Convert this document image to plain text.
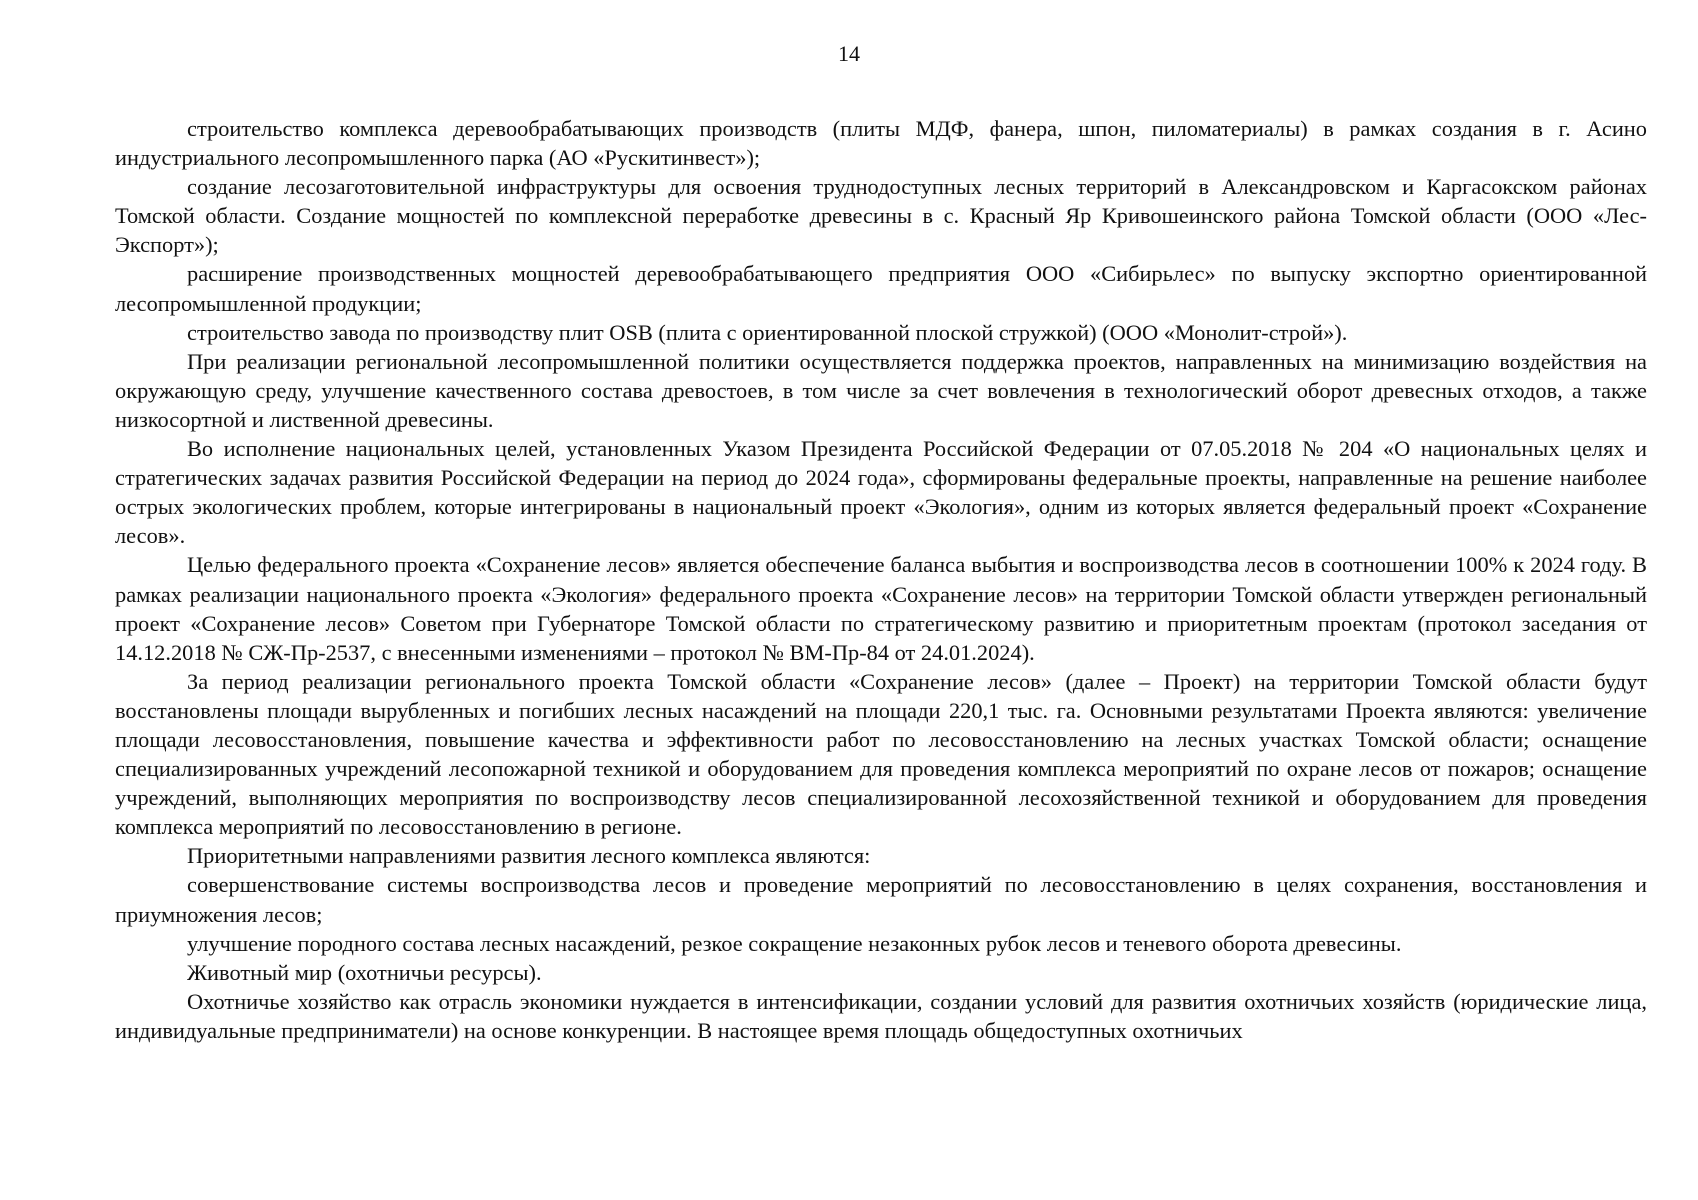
14

строительство комплекса деревообрабатывающих производств (плиты МДФ, фанера, шпон, пиломатериалы) в рамках создания в г. Асино индустриального лесопромышленного парка (АО «Рускитинвест»);

создание лесозаготовительной инфраструктуры для освоения труднодоступных лесных территорий в Александровском и Каргасокском районах Томской области. Создание мощностей по комплексной переработке древесины в с. Красный Яр Кривошеинского района Томской области (ООО «Лес-Экспорт»);

расширение производственных мощностей деревообрабатывающего предприятия ООО «Сибирьлес» по выпуску экспортно ориентированной лесопромышленной продукции;

строительство завода по производству плит OSB (плита с ориентированной плоской стружкой) (ООО «Монолит-строй»).

При реализации региональной лесопромышленной политики осуществляется поддержка проектов, направленных на минимизацию воздействия на окружающую среду, улучшение качественного состава древостоев, в том числе за счет вовлечения в технологический оборот древесных отходов, а также низкосортной и лиственной древесины.

Во исполнение национальных целей, установленных Указом Президента Российской Федерации от 07.05.2018 № 204 «О национальных целях и стратегических задачах развития Российской Федерации на период до 2024 года», сформированы федеральные проекты, направленные на решение наиболее острых экологических проблем, которые интегрированы в национальный проект «Экология», одним из которых является федеральный проект «Сохранение лесов».

Целью федерального проекта «Сохранение лесов» является обеспечение баланса выбытия и воспроизводства лесов в соотношении 100% к 2024 году. В рамках реализации национального проекта «Экология» федерального проекта «Сохранение лесов» на территории Томской области утвержден региональный проект «Сохранение лесов» Советом при Губернаторе Томской области по стратегическому развитию и приоритетным проектам (протокол заседания от 14.12.2018 № СЖ-Пр-2537, с внесенными изменениями – протокол № ВМ-Пр-84 от 24.01.2024).

За период реализации регионального проекта Томской области «Сохранение лесов» (далее – Проект) на территории Томской области будут восстановлены площади вырубленных и погибших лесных насаждений на площади 220,1 тыс. га. Основными результатами Проекта являются: увеличение площади лесовосстановления, повышение качества и эффективности работ по лесовосстановлению на лесных участках Томской области; оснащение специализированных учреждений лесопожарной техникой и оборудованием для проведения комплекса мероприятий по охране лесов от пожаров; оснащение учреждений, выполняющих мероприятия по воспроизводству лесов специализированной лесохозяйственной техникой и оборудованием для проведения комплекса мероприятий по лесовосстановлению в регионе.

Приоритетными направлениями развития лесного комплекса являются:

совершенствование системы воспроизводства лесов и проведение мероприятий по лесовосстановлению в целях сохранения, восстановления и приумножения лесов;

улучшение породного состава лесных насаждений, резкое сокращение незаконных рубок лесов и теневого оборота древесины.

Животный мир (охотничьи ресурсы).

Охотничье хозяйство как отрасль экономики нуждается в интенсификации, создании условий для развития охотничьих хозяйств (юридические лица, индивидуальные предприниматели) на основе конкуренции. В настоящее время площадь общедоступных охотничьих
